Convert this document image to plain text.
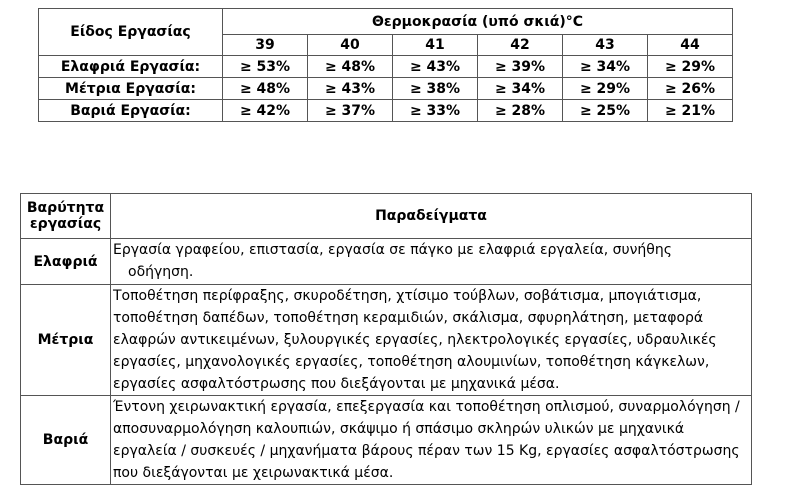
Είδος Εργασίας	Θερμοκρασία (υπό σκιά)°C					
	39	40	41	42	43	44
Ελαφριά Εργασία:	≥ 53%	≥ 48%	≥ 43%	≥ 39%	≥ 34%	≥ 29%
Μέτρια Εργασία:	≥ 48%	≥ 43%	≥ 38%	≥ 34%	≥ 29%	≥ 26%
Βαριά Εργασία:	≥ 42%	≥ 37%	≥ 33%	≥ 28%	≥ 25%	≥ 21%
Βαρύτητα
εργασίας	Παραδείγματα
Ελαφριά	Εργασία γραφείου, επιστασία, εργασία σε πάγκο με ελαφριά εργαλεία, συνήθης

οδήγηση.

Μέτρια	Τοποθέτηση περίφραξης, σκυροδέτηση, χτίσιμο τούβλων, σοβάτισμα, μπογιάτισμα, τοποθέτηση δαπέδων, τοποθέτηση κεραμιδιών, σκάλισμα, σφυρηλάτηση, μεταφορά ελαφρών αντικειμένων, ξυλουργικές εργασίες, ηλεκτρολογικές εργασίες, υδραυλικές εργασίες, μηχανολογικές εργασίες, τοποθέτηση αλουμινίων, τοποθέτηση κάγκελων, εργασίες ασφαλτόστρωσης που διεξάγονται με μηχανικά μέσα.
Βαριά	Έντονη χειρωνακτική εργασία, επεξεργασία και τοποθέτηση οπλισμού, συναρμολόγηση / αποσυναρμολόγηση καλουπιών, σκάψιμο ή σπάσιμο σκληρών υλικών με μηχανικά εργαλεία / συσκευές / μηχανήματα βάρους πέραν των 15 Kg, εργασίες ασφαλτόστρωσης που διεξάγονται με χειρωνακτικά μέσα.
